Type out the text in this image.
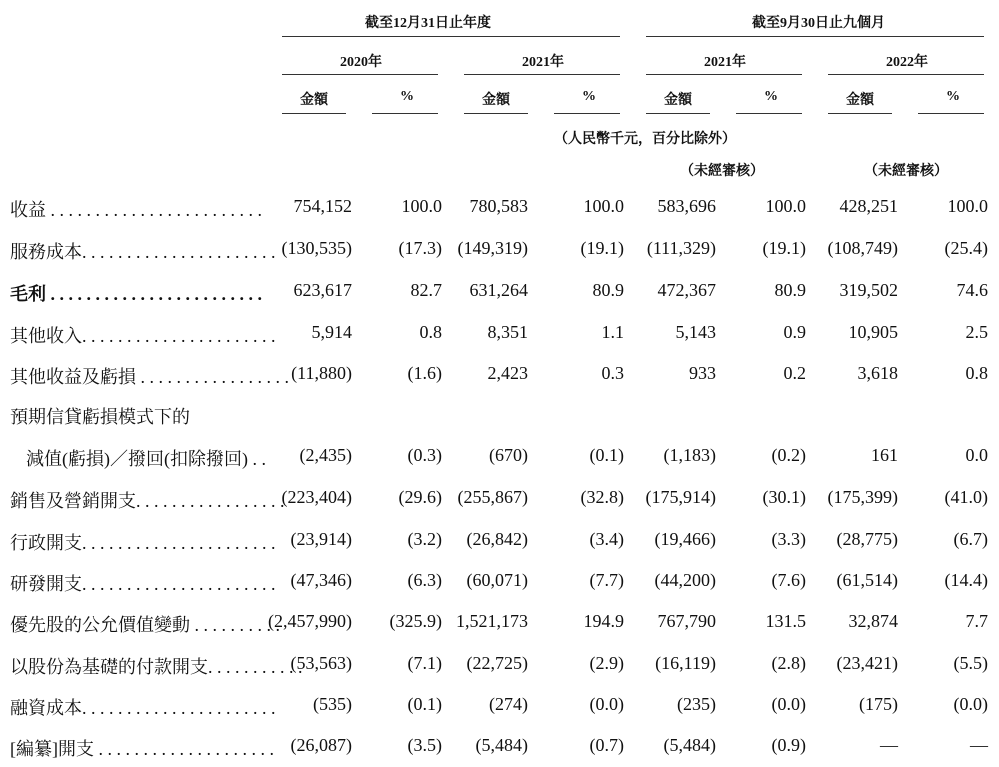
截至12月31日止年度	截至9月30日止九個月
2020年	2021年	2021年	2022年
金額	%	金額	%	金額	%	金額	%
（人民幣千元，百分比除外）
（未經審核）	（未經審核）
收益 . . . . . . . . . . . . . . . . . . . . . . . . 754,152	100.0 780,583	100.0 583,696	100.0 428,251	100.0
服務成本. . . . . . . . . . . . . . . . . . . . . . (130,535)	(17.3) (149,319)	(19.1) (111,329)	(19.1) (108,749)	(25.4)
毛利 . . . . . . . . . . . . . . . . . . . . . . . . 623,617	82.7 631,264	80.9 472,367	80.9 319,502	74.6
其他收入. . . . . . . . . . . . . . . . . . . . . . 5,914	0.8	8,351	1.1	5,143	0.9 10,905	2.5
其他收益及虧損 . . . . . . . . . . . . . . . . . (11,880)	(1.6)	2,423	0.3	933	0.2	3,618	0.8
預期信貸虧損模式下的
減值(虧損)／撥回(扣除撥回) . . (2,435)	(0.3)	(670)	(0.1) (1,183)	(0.2)	161	0.0
銷售及營銷開支. . . . . . . . . . . . . . . . .
(223,404)	(29.6) (255,867)	(32.8) (175,914)	(30.1) (175,399)	(41.0)
行政開支. . . . . . . . . . . . . . . . . . . . . . (23,914)	(3.2) (26,842)	(3.4) (19,466)	(3.3) (28,775)	(6.7)
研發開支. . . . . . . . . . . . . . . . . . . . . . (47,346)	(6.3) (60,071)	(7.7) (44,200)	(7.6) (61,514)	(14.4)
優先股的公允價值變動 . . . . . . . . . .
(2,457,990) (325.9) 1,521,173	194.9 767,790	131.5 32,874	7.7
以股份為基礎的付款開支. . . . . . . . . . .
(53,563)	(7.1) (22,725)	(2.9) (16,119)	(2.8) (23,421)	(5.5)
融資成本. . . . . . . . . . . . . . . . . . . . . . (535)	(0.1)	(274)	(0.0)	(235)	(0.0)	(175)	(0.0)
[編纂]開支 . . . . . . . . . . . . . . . . . . . . (26,087)	(3.5) (5,484)	(0.7) (5,484)	(0.9)	—	—
